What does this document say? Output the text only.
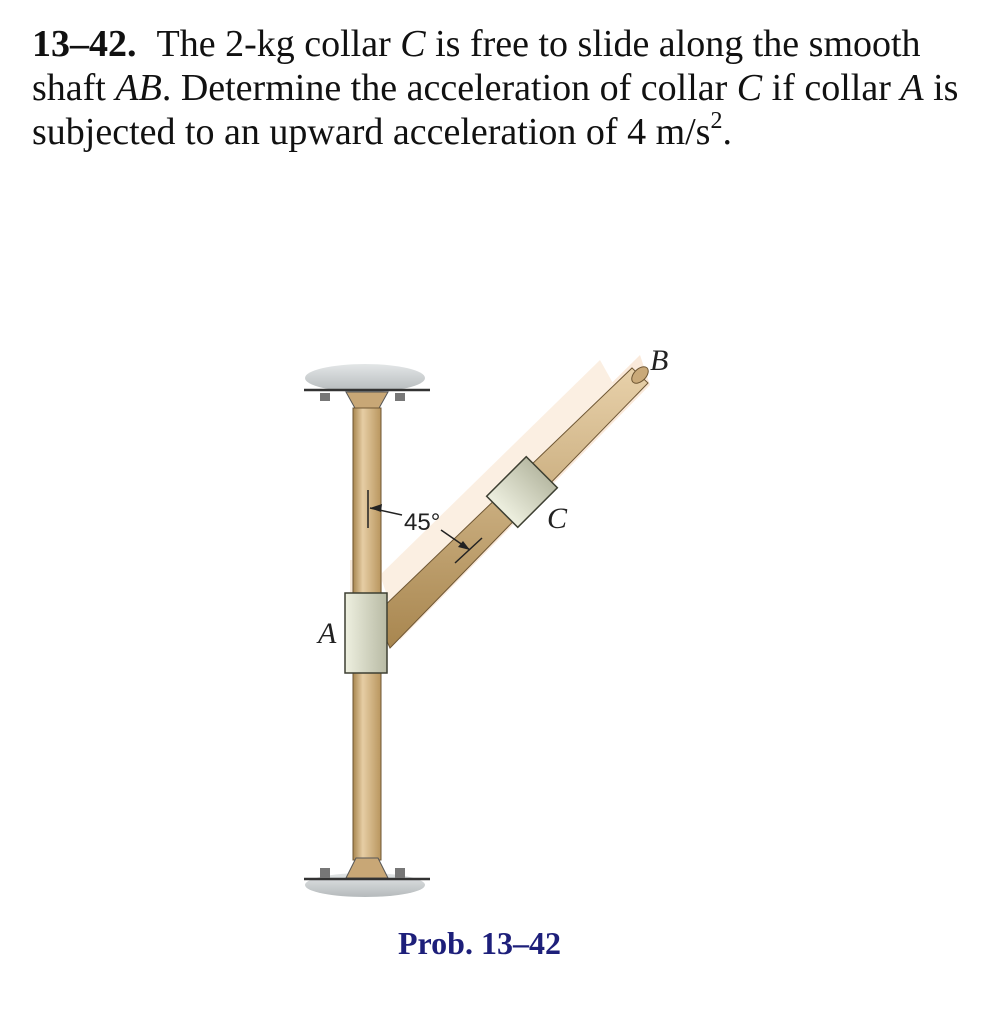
13–42. The 2-kg collar C is free to slide along the smooth shaft AB. Determine the acceleration of collar C if collar A is subjected to an upward acceleration of 4 $m/s^2$.
45°
A
B
C
Prob. 13–42
